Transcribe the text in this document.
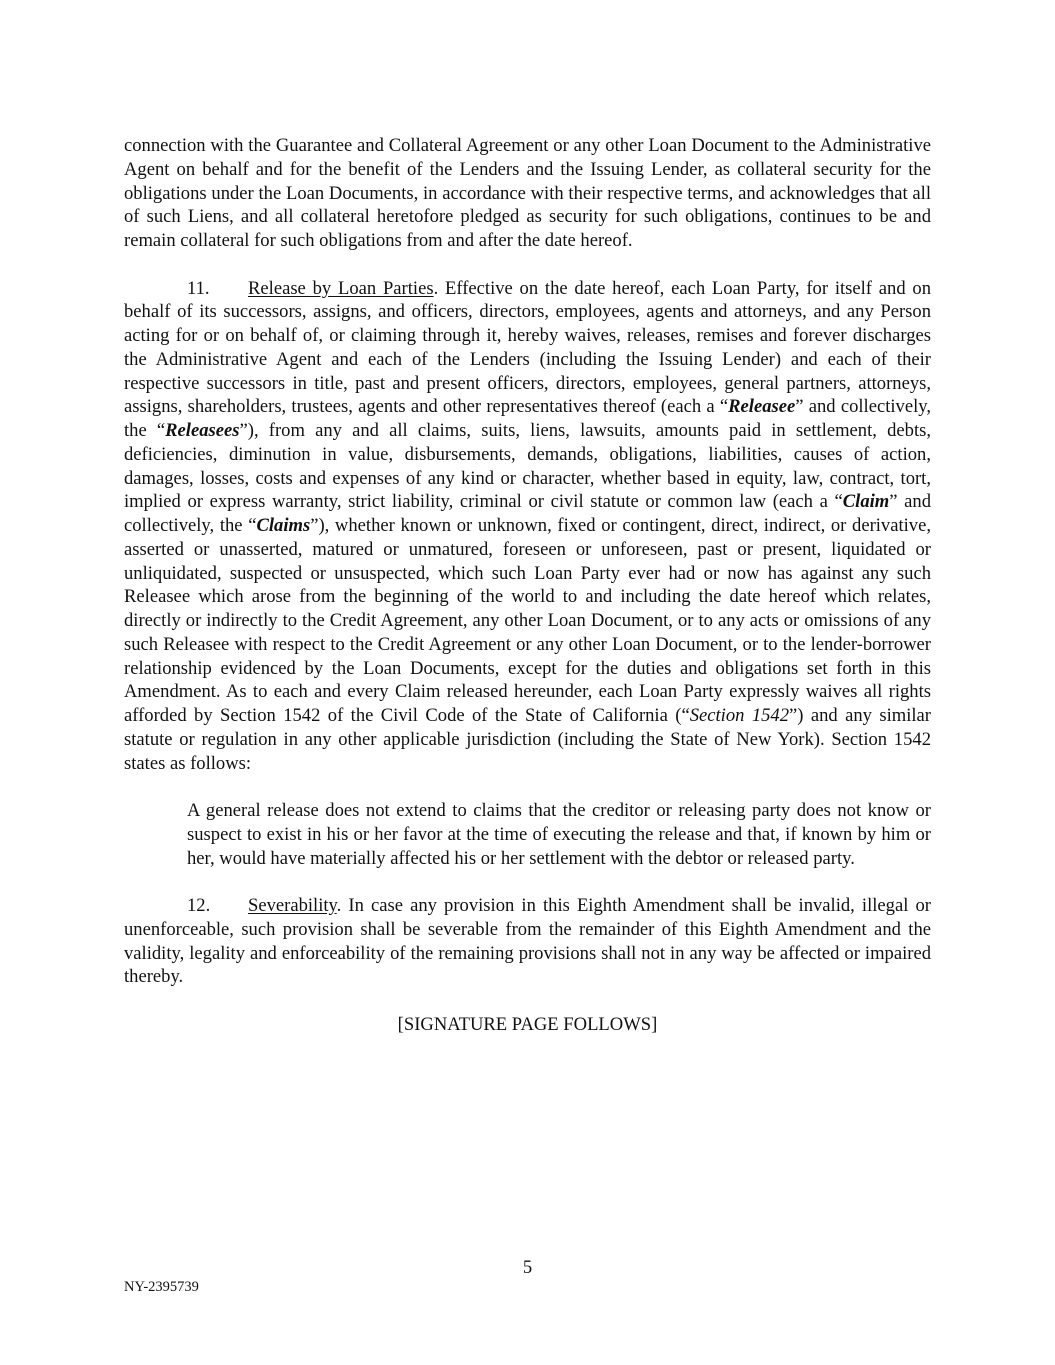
connection with the Guarantee and Collateral Agreement or any other Loan Document to the Administrative Agent on behalf and for the benefit of the Lenders and the Issuing Lender, as collateral security for the obligations under the Loan Documents, in accordance with their respective terms, and acknowledges that all of such Liens, and all collateral heretofore pledged as security for such obligations, continues to be and remain collateral for such obligations from and after the date hereof.

11. Release by Loan Parties. Effective on the date hereof, each Loan Party, for itself and on behalf of its successors, assigns, and officers, directors, employees, agents and attorneys, and any Person acting for or on behalf of, or claiming through it, hereby waives, releases, remises and forever discharges the Administrative Agent and each of the Lenders (including the Issuing Lender) and each of their respective successors in title, past and present officers, directors, employees, general partners, attorneys, assigns, shareholders, trustees, agents and other representatives thereof (each a “Releasee” and collectively, the “Releasees”), from any and all claims, suits, liens, lawsuits, amounts paid in settlement, debts, deficiencies, diminution in value, disbursements, demands, obligations, liabilities, causes of action, damages, losses, costs and expenses of any kind or character, whether based in equity, law, contract, tort, implied or express warranty, strict liability, criminal or civil statute or common law (each a “Claim” and collectively, the “Claims”), whether known or unknown, fixed or contingent, direct, indirect, or derivative, asserted or unasserted, matured or unmatured, foreseen or unforeseen, past or present, liquidated or unliquidated, suspected or unsuspected, which such Loan Party ever had or now has against any such Releasee which arose from the beginning of the world to and including the date hereof which relates, directly or indirectly to the Credit Agreement, any other Loan Document, or to any acts or omissions of any such Releasee with respect to the Credit Agreement or any other Loan Document, or to the lender-borrower relationship evidenced by the Loan Documents, except for the duties and obligations set forth in this Amendment. As to each and every Claim released hereunder, each Loan Party expressly waives all rights afforded by Section 1542 of the Civil Code of the State of California (“Section 1542”) and any similar statute or regulation in any other applicable jurisdiction (including the State of New York). Section 1542 states as follows:

A general release does not extend to claims that the creditor or releasing party does not know or suspect to exist in his or her favor at the time of executing the release and that, if known by him or her, would have materially affected his or her settlement with the debtor or released party.

12. Severability. In case any provision in this Eighth Amendment shall be invalid, illegal or unenforceable, such provision shall be severable from the remainder of this Eighth Amendment and the validity, legality and enforceability of the remaining provisions shall not in any way be affected or impaired thereby.

[SIGNATURE PAGE FOLLOWS]

5
NY-2395739
